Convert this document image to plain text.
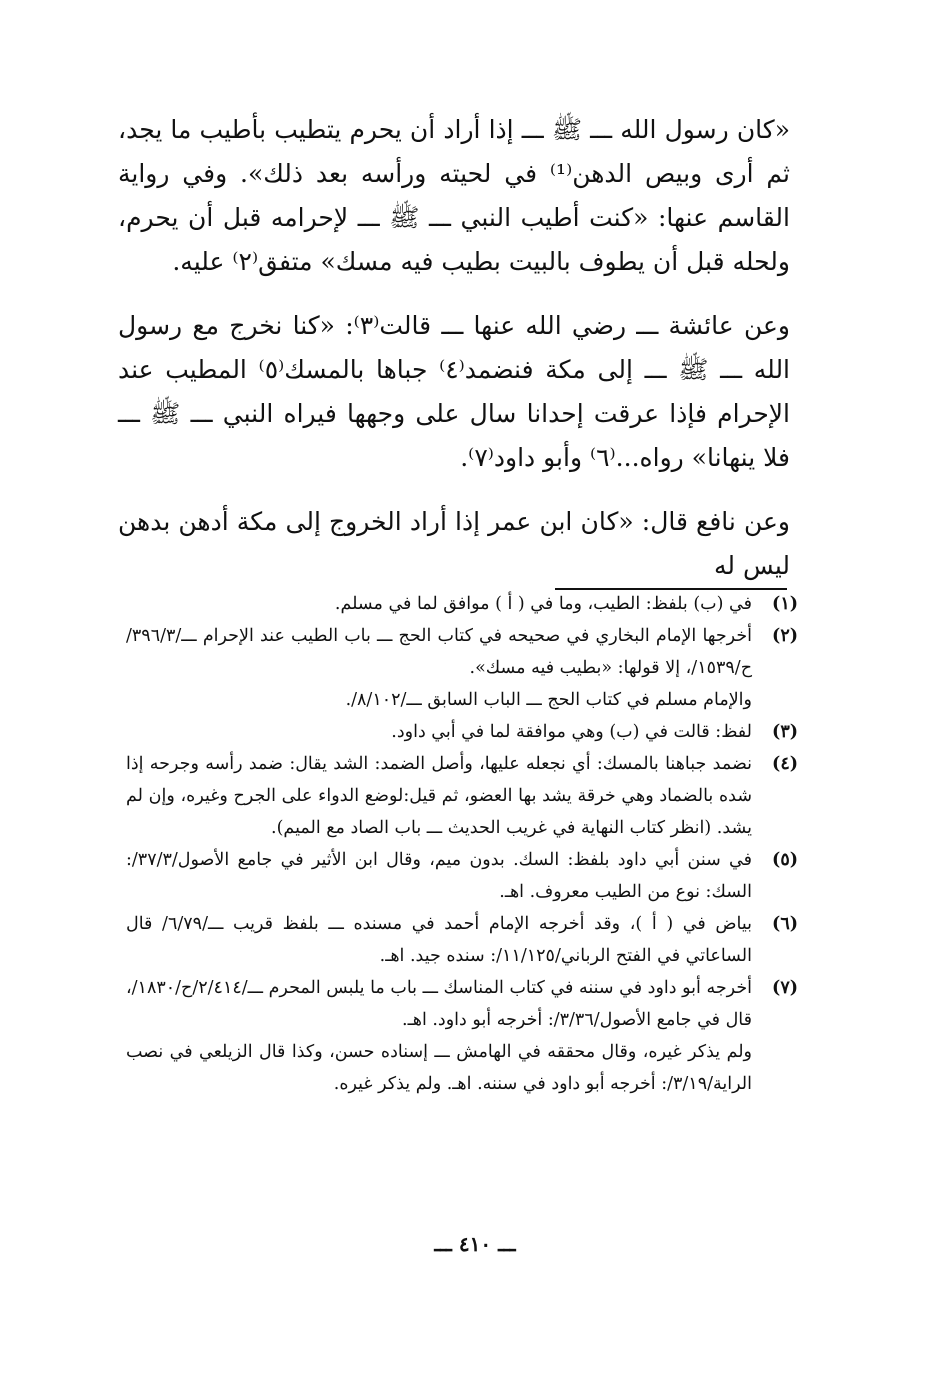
«كان رسول الله ـــ ﷺ ـــ إذا أراد أن يحرم يتطيب بأطيب ما يجد، ثم أرى وبيص الدهن⁽¹⁾ في لحيته ورأسه بعد ذلك». وفي رواية القاسم عنها: «كنت أطيب النبي ـــ ﷺ ـــ لإحرامه قبل أن يحرم، ولحله قبل أن يطوف بالبيت بطيب فيه مسك» متفق⁽٢⁾ عليه.

وعن عائشة ـــ رضي الله عنها ـــ قالت⁽٣⁾: «كنا نخرج مع رسول الله ـــ ﷺ ـــ إلى مكة فنضمد⁽٤⁾ جباها بالمسك⁽٥⁾ المطيب عند الإحرام فإذا عرقت إحدانا سال على وجهها فيراه النبي ـــ ﷺ ـــ فلا ينهانا» رواه...⁽٦⁾ وأبو داود⁽٧⁾.

وعن نافع قال: «كان ابن عمر إذا أراد الخروج إلى مكة أدهن بدهن ليس له

(١)
في (ب) بلفظ: الطيب، وما في ( أ ) موافق لما في مسلم.
(٢)
أخرجها الإمام البخاري في صحيحه في كتاب الحج ـــ باب الطيب عند الإحرام ـــ/٣٩٦/٣/ح/١٥٣٩/، إلا قولها: «بطيب فيه مسك».
والإمام مسلم في كتاب الحج ـــ الباب السابق ـــ/٨/١٠٢/.
(٣)
لفظ: قالت في (ب) وهي موافقة لما في أبي داود.
(٤)
نضمد جباهنا بالمسك: أي نجعله عليها، وأصل الضمد: الشد يقال: ضمد رأسه وجرحه إذا شده بالضماد وهي خرقة يشد بها العضو، ثم قيل:لوضع الدواء على الجرح وغيره، وإن لم يشد. (انظر كتاب النهاية في غريب الحديث ـــ باب الصاد مع الميم).
(٥)
في سنن أبي داود بلفظ: السك. بدون ميم، وقال ابن الأثير في جامع الأصول/٣٧/٣/: السك: نوع من الطيب معروف. اهـ.
(٦)
بياض في ( أ )، وقد أخرجه الإمام أحمد في مسنده ـــ بلفظ قريب ـــ/٦/٧٩/ قال الساعاتي في الفتح الرباني/١١/١٢٥/: سنده جيد. اهـ.
(٧)
أخرجه أبو داود في سننه في كتاب المناسك ـــ باب ما يلبس المحرم ـــ/٢/٤١٤/ح/١٨٣٠/، قال في جامع الأصول/٣/٣٦/: أخرجه أبو داود. اهـ.
ولم يذكر غيره، وقال محققه في الهامش ـــ إسناده حسن، وكذا قال الزيلعي في نصب الراية/٣/١٩/: أخرجه أبو داود في سننه. اهـ. ولم يذكر غيره.
ـــ ٤١٠ ـــ
